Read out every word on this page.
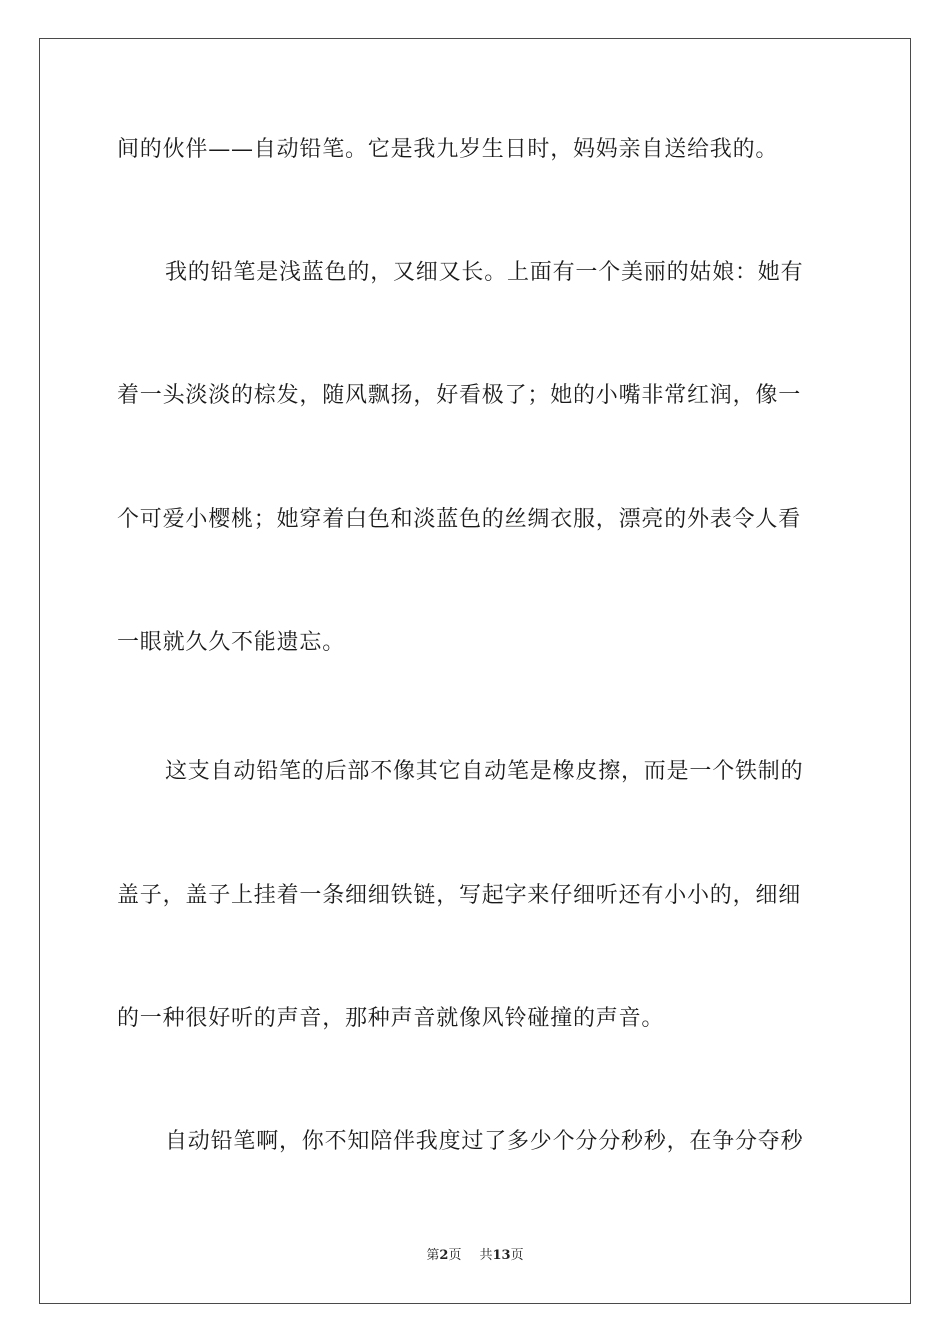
间的伙伴——自动铅笔。它是我九岁生日时，妈妈亲自送给我的。
我的铅笔是浅蓝色的，又细又长。上面有一个美丽的姑娘：她有
着一头淡淡的棕发，随风飘扬，好看极了；她的小嘴非常红润，像一
个可爱小樱桃；她穿着白色和淡蓝色的丝绸衣服，漂亮的外表令人看
一眼就久久不能遗忘。
这支自动铅笔的后部不像其它自动笔是橡皮擦，而是一个铁制的
盖子，盖子上挂着一条细细铁链，写起字来仔细听还有小小的，细细
的一种很好听的声音，那种声音就像风铃碰撞的声音。
自动铅笔啊，你不知陪伴我度过了多少个分分秒秒，在争分夺秒
第2页 共13页
